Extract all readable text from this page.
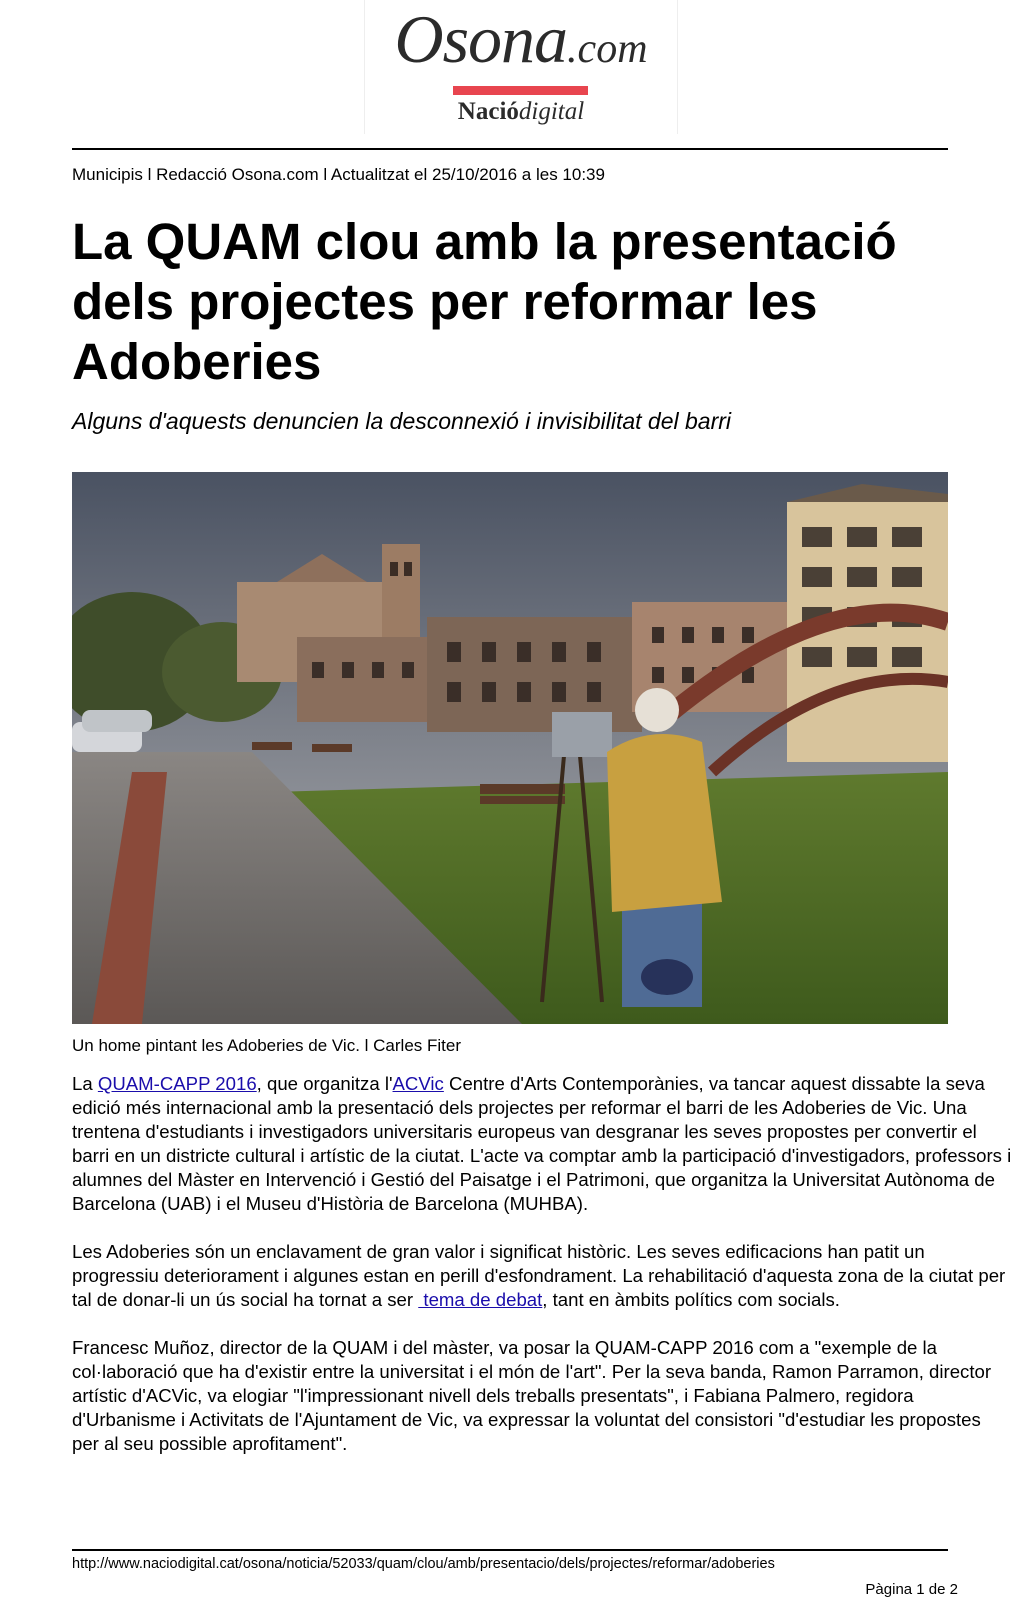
Osona.com
Naciódigital
Municipis l Redacció Osona.com l Actualitzat el 25/10/2016 a les 10:39
La QUAM clou amb la presentació dels projectes per reformar les Adoberies
Alguns d'aquests denuncien la desconnexió i invisibilitat del barri
Un home pintant les Adoberies de Vic. l Carles Fiter

La QUAM-CAPP 2016, que organitza l'ACVic Centre d'Arts Contemporànies, va tancar aquest dissabte la seva edició més internacional amb la presentació dels projectes per reformar el barri de les Adoberies de Vic. Una trentena d'estudiants i investigadors universitaris europeus van desgranar les seves propostes per convertir el barri en un districte cultural i artístic de la ciutat. L'acte va comptar amb la participació d'investigadors, professors i alumnes del Màster en Intervenció i Gestió del Paisatge i el Patrimoni, que organitza la Universitat Autònoma de Barcelona (UAB) i el Museu d'Història de Barcelona (MUHBA).

Les Adoberies són un enclavament de gran valor i significat històric. Les seves edificacions han patit un progressiu deteriorament i algunes estan en perill d'esfondrament. La rehabilitació d'aquesta zona de la ciutat per tal de donar-li un ús social ha tornat a ser  tema de debat, tant en àmbits polítics com socials.

Francesc Muñoz, director de la QUAM i del màster, va posar la QUAM-CAPP 2016 com a "exemple de la col·laboració que ha d'existir entre la universitat i el món de l'art". Per la seva banda, Ramon Parramon, director artístic d'ACVic, va elogiar "l'impressionant nivell dels treballs presentats", i Fabiana Palmero, regidora d'Urbanisme i Activitats de l'Ajuntament de Vic, va expressar la voluntat del consistori "d'estudiar les propostes per al seu possible aprofitament".

http://www.naciodigital.cat/osona/noticia/52033/quam/clou/amb/presentacio/dels/projectes/reformar/adoberies
Pàgina 1 de 2
